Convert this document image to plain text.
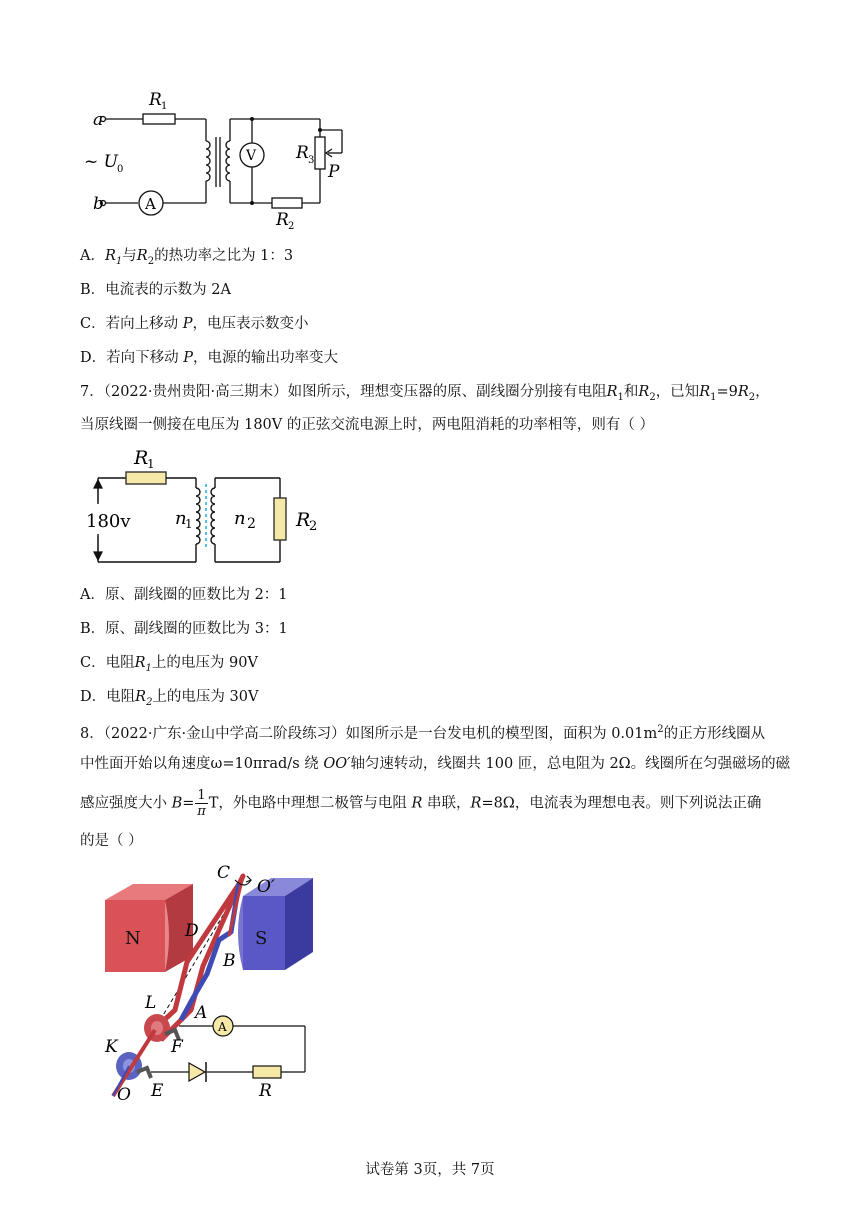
a
b
R 1
~ U 0
A
V R 3
P
R 2
A．$R_1$与$R_2$的热功率之比为 1：3
B．电流表的示数为 2A
C．若向上移动 P，电压表示数变小
D．若向下移动 P，电源的输出功率变大
7．（2022·贵州贵阳·高三期末）如图所示，理想变压器的原、副线圈分别接有电阻$R_1$和$R_2$，已知$R_1=9R_2$，
当原线圈一侧接在电压为 180V 的正弦交流电源上时，两电阻消耗的功率相等，则有（ ）
R
1
180v n
1 n 2 R
2
A．原、副线圈的匝数比为 2：1
B．原、副线圈的匝数比为 3：1
C．电阻$R_1$上的电压为 90V
D．电阻$R_2$上的电压为 30V
8．（2022·广东·金山中学高二阶段练习）如图所示是一台发电机的模型图，面积为 $0.01m^2$的正方形线圈从
中性面开始以角速度ω=10πrad/s 绕 OO′轴匀速转动，线圈共 100 匝，总电阻为 2Ω。线圈所在匀强磁场的磁
感应强度大小 $B= \frac{1}{\pi}$ T，外电路中理想二极管与电阻 R 串联，R=8Ω，电流表为理想电表。则下列说法正确
的是（ ）
C
O′
D
B
N	S
L A
A
F
K
E	R
O
试卷第 3页，共 7页
